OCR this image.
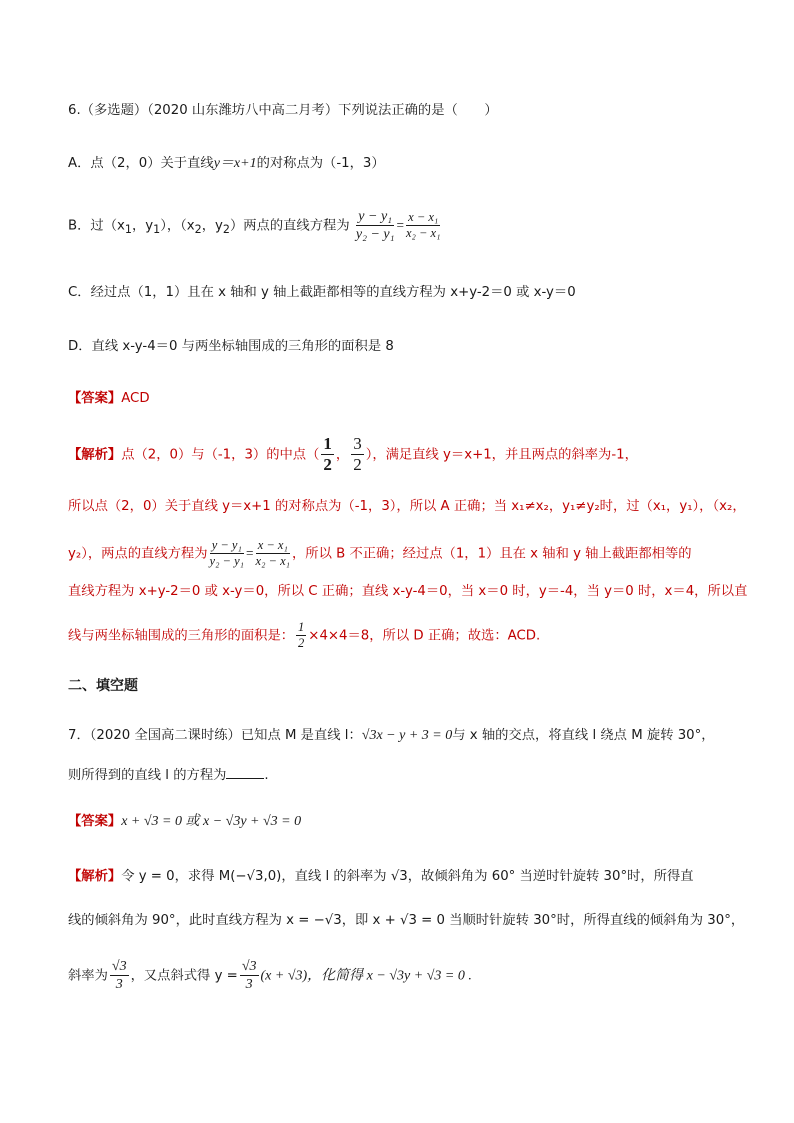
6.（多选题）（2020 山东潍坊八中高二月考）下列说法正确的是（　　）
A．点（2，0）关于直线y＝x+1的对称点为（-1，3）
B．过（$x_1$，$y_1$），（$x_2$，$y_2$）两点的直线方程为 $\frac{\text{y − y₁}}{\text{y₂ − y₁}} = \frac{\text{x − x₁}}{\text{x₂ − x₁}}$
C．经过点（1，1）且在 x 轴和 y 轴上截距都相等的直线方程为 x+y-2＝0 或 x-y＝0
D．直线 x-y-4＝0 与两坐标轴围成的三角形的面积是 8
【答案】ACD
【解析】点（2，0）与（-1，3）的中点（ $\frac{1}{2}$ ， $\frac{3}{2}$ ），满足直线 y＝x+1，并且两点的斜率为-1，
所以点（2，0）关于直线 y＝x+1 的对称点为（-1，3），所以 A 正确；当 x₁≠x₂，y₁≠y₂时，过（x₁，y₁），（x₂，
y₂），两点的直线方程为 $\frac{\text{y − y₁}}{\text{y₂ − y₁}} = \frac{\text{x − x₁}}{\text{x₂ − x₁}}$ ，所以 B 不正确；经过点（1，1）且在 x 轴和 y 轴上截距都相等的
直线方程为 x+y-2＝0 或 x-y＝0，所以 C 正确；直线 x-y-4＝0，当 x＝0 时，y＝-4，当 y＝0 时，x＝4，所以直
线与两坐标轴围成的三角形的面积是： $\frac{1}{2} \times 4\times 4=8$，所以 D 正确；故选：ACD.
二、填空题
7．（2020 全国高二课时练）已知点 M 是直线 l：√3x − y + 3 = 0与 x 轴的交点，将直线 l 绕点 M 旋转 30°，
则所得到的直线 l 的方程为	.
【答案】x + √3 = 0 或 x − √3y + √3 = 0
【解析】令 y = 0，求得 M(−√3,0)，直线 l 的斜率为 √3，故倾斜角为 60° 当逆时针旋转 30°时，所得直
线的倾斜角为 90°，此时直线方程为 x = −√3，即 x + √3 = 0 当顺时针旋转 30°时，所得直线的倾斜角为 30°，
斜率为 $\frac{√3}{3}$ ，又点斜式得 $y = \frac{√3}{3} (x + √3)$，化简得 x − √3y + √3 = 0 .
